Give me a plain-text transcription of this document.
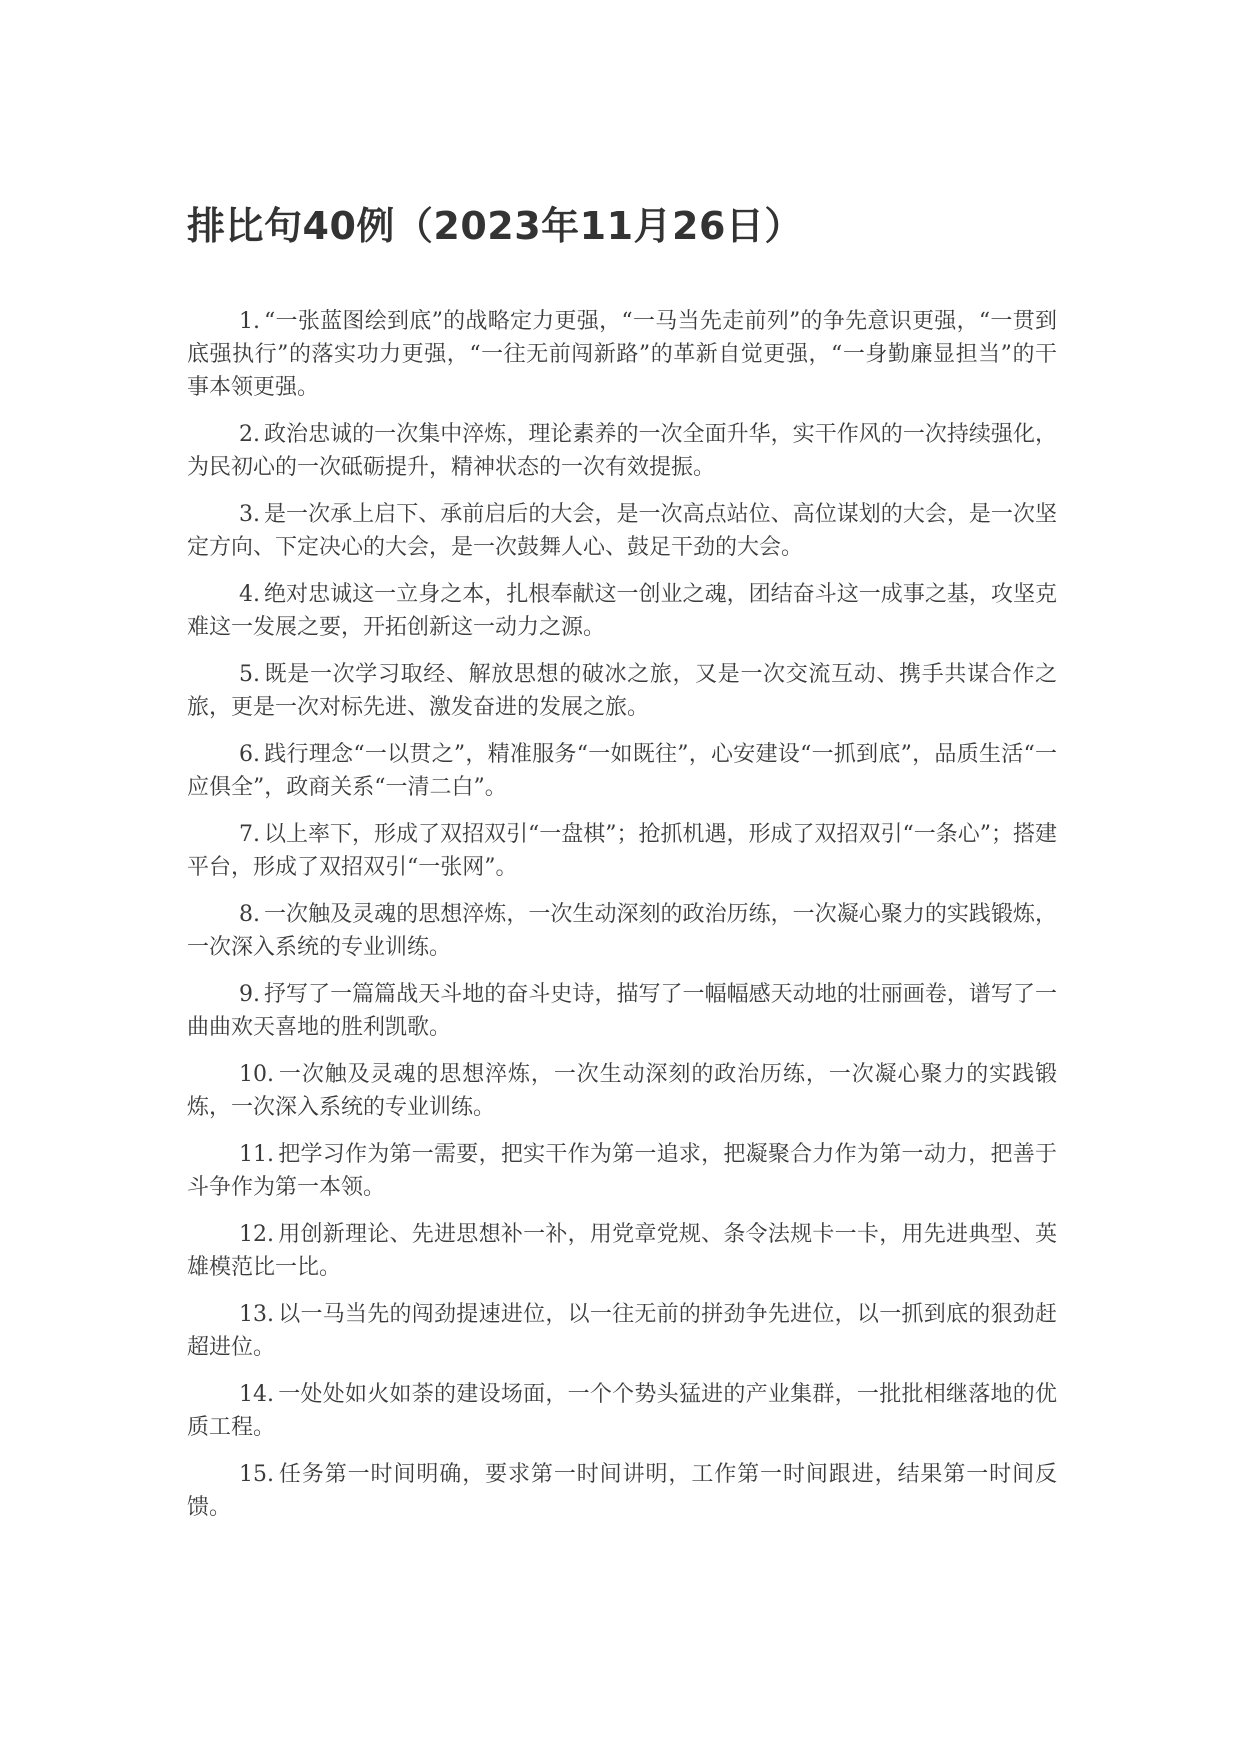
排比句40例（2023年11月26日）

1. “一张蓝图绘到底”的战略定力更强，“一马当先走前列”的争先意识更强，“一贯到底强执行”的落实功力更强，“一往无前闯新路”的革新自觉更强，“一身勤廉显担当”的干事本领更强。

2. 政治忠诚的一次集中淬炼，理论素养的一次全面升华，实干作风的一次持续强化，为民初心的一次砥砺提升，精神状态的一次有效提振。

3. 是一次承上启下、承前启后的大会，是一次高点站位、高位谋划的大会，是一次坚定方向、下定决心的大会，是一次鼓舞人心、鼓足干劲的大会。

4. 绝对忠诚这一立身之本，扎根奉献这一创业之魂，团结奋斗这一成事之基，攻坚克难这一发展之要，开拓创新这一动力之源。

5. 既是一次学习取经、解放思想的破冰之旅，又是一次交流互动、携手共谋合作之旅，更是一次对标先进、激发奋进的发展之旅。

6. 践行理念“一以贯之”，精准服务“一如既往”，心安建设“一抓到底”，品质生活“一应俱全”，政商关系“一清二白”。

7. 以上率下，形成了双招双引“一盘棋”；抢抓机遇，形成了双招双引“一条心”；搭建平台，形成了双招双引“一张网”。

8. 一次触及灵魂的思想淬炼，一次生动深刻的政治历练，一次凝心聚力的实践锻炼，一次深入系统的专业训练。

9. 抒写了一篇篇战天斗地的奋斗史诗，描写了一幅幅感天动地的壮丽画卷，谱写了一曲曲欢天喜地的胜利凯歌。

10. 一次触及灵魂的思想淬炼，一次生动深刻的政治历练，一次凝心聚力的实践锻炼，一次深入系统的专业训练。

11. 把学习作为第一需要，把实干作为第一追求，把凝聚合力作为第一动力，把善于斗争作为第一本领。

12. 用创新理论、先进思想补一补，用党章党规、条令法规卡一卡，用先进典型、英雄模范比一比。

13. 以一马当先的闯劲提速进位，以一往无前的拼劲争先进位，以一抓到底的狠劲赶超进位。

14. 一处处如火如荼的建设场面，一个个势头猛进的产业集群，一批批相继落地的优质工程。

15. 任务第一时间明确，要求第一时间讲明，工作第一时间跟进，结果第一时间反馈。
